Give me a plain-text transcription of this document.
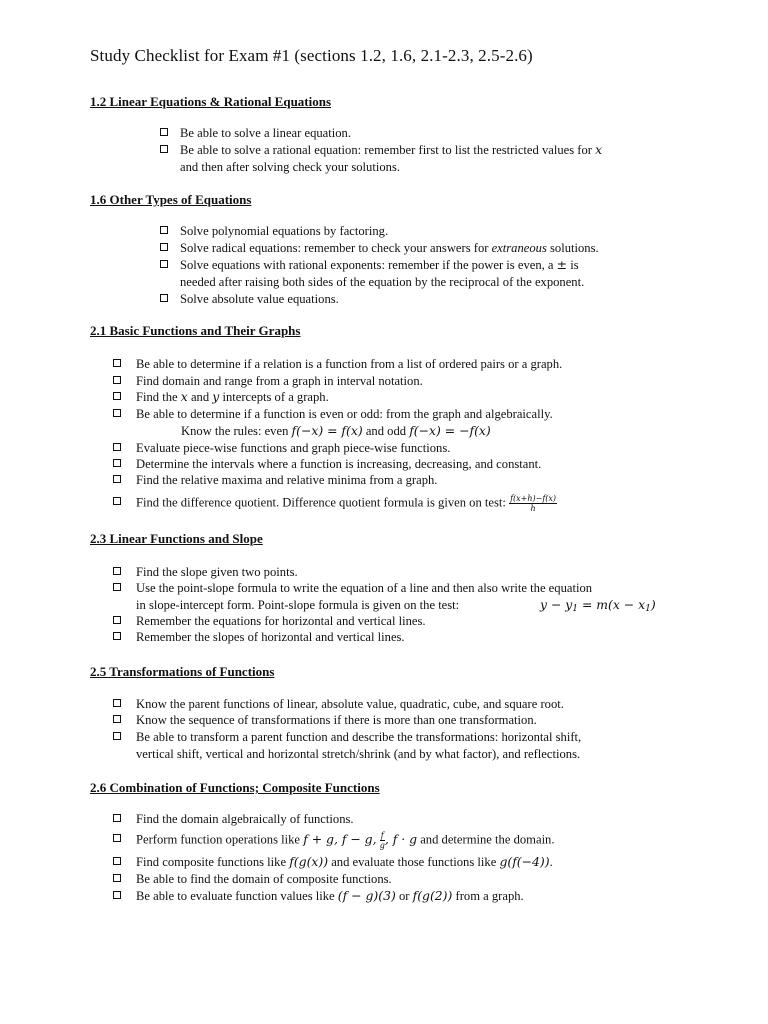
Study Checklist for Exam #1 (sections 1.2, 1.6, 2.1-2.3, 2.5-2.6)
1.2 Linear Equations & Rational Equations
Be able to solve a linear equation.
Be able to solve a rational equation: remember first to list the restricted values for x
and then after solving check your solutions.
1.6 Other Types of Equations
Solve polynomial equations by factoring.
Solve radical equations: remember to check your answers for extraneous solutions.
Solve equations with rational exponents: remember if the power is even, a ± is
needed after raising both sides of the equation by the reciprocal of the exponent.
Solve absolute value equations.
2.1 Basic Functions and Their Graphs
Be able to determine if a relation is a function from a list of ordered pairs or a graph.
Find domain and range from a graph in interval notation.
Find the x and y intercepts of a graph.
Be able to determine if a function is even or odd: from the graph and algebraically.
Know the rules: even f(−x) = f(x) and odd f(−x) = −f(x)
Evaluate piece-wise functions and graph piece-wise functions.
Determine the intervals where a function is increasing, decreasing, and constant.
Find the relative maxima and relative minima from a graph.
Find the difference quotient. Difference quotient formula is given on test: $\frac{f(x+h)-f(x)}{h}$
2.3 Linear Functions and Slope
Find the slope given two points.
Use the point-slope formula to write the equation of a line and then also write the equation
in slope-intercept form. Point-slope formula is given on the test:	$y - y_1 = m(x - x_1)$
Remember the equations for horizontal and vertical lines.
Remember the slopes of horizontal and vertical lines.
2.5 Transformations of Functions
Know the parent functions of linear, absolute value, quadratic, cube, and square root.
Know the sequence of transformations if there is more than one transformation.
Be able to transform a parent function and describe the transformations: horizontal shift,
vertical shift, vertical and horizontal stretch/shrink (and by what factor), and reflections.
2.6 Combination of Functions; Composite Functions
Find the domain algebraically of functions.
Perform function operations like f + g, f − g, $\frac{f}{g}$ , f · g and determine the domain.
Find composite functions like f(g(x)) and evaluate those functions like g(f(−4)).
Be able to find the domain of composite functions.
Be able to evaluate function values like (f − g)(3) or f(g(2)) from a graph.
